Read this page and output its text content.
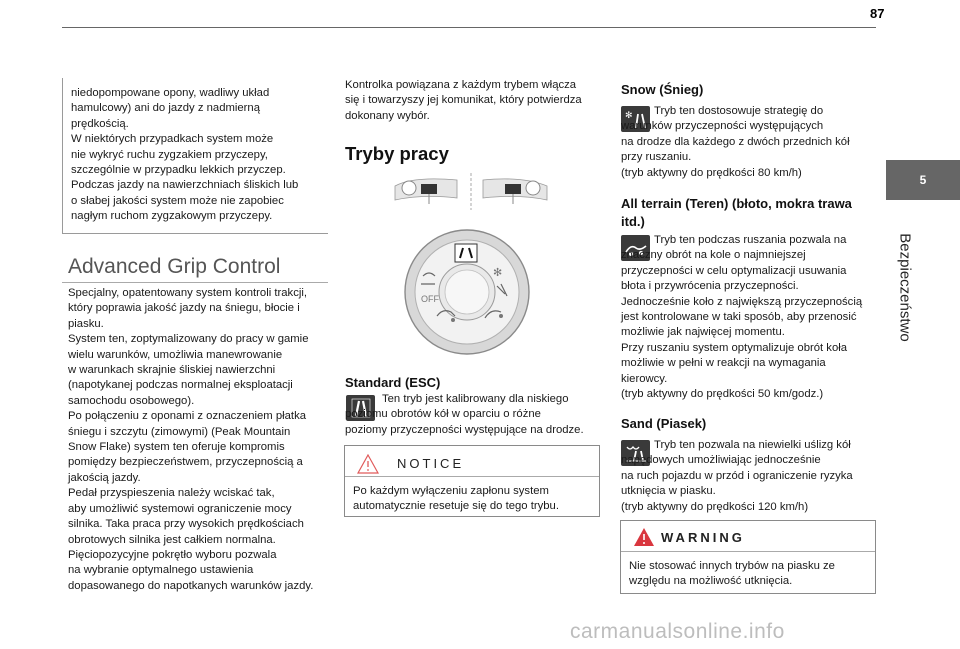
87
5
Bezpieczeństwo

niedopompowane opony, wadliwy układ
hamulcowy) ani do jazdy z nadmierną
prędkością.
W niektórych przypadkach system może
nie wykryć ruchu zygzakiem przyczepy,
szczególnie w przypadku lekkich przyczep.
Podczas jazdy na nawierzchniach śliskich lub
o słabej jakości system może nie zapobiec
nagłym ruchom zygzakowym przyczepy.

Advanced Grip Control

Specjalny, opatentowany system kontroli trakcji,
który poprawia jakość jazdy na śniegu, błocie i
piasku.
System ten, zoptymalizowany do pracy w gamie
wielu warunków, umożliwia manewrowanie
w warunkach skrajnie śliskiej nawierzchni
(napotykanej podczas normalnej eksploatacji
samochodu osobowego).
Po połączeniu z oponami z oznaczeniem płatka
śniegu i szczytu (zimowymi) (Peak Mountain
Snow Flake) system ten oferuje kompromis
pomiędzy bezpieczeństwem, przyczepnością a
jakością jazdy.
Pedał przyspieszenia należy wciskać tak,
aby umożliwić systemowi ograniczenie mocy
silnika. Taka praca przy wysokich prędkościach
obrotowych silnika jest całkiem normalna.
Pięciopozycyjne pokrętło wyboru pozwala
na wybranie optymalnego ustawienia
dopasowanego do napotkanych warunków jazdy.

Kontrolka powiązana z każdym trybem włącza
się i towarzyszy jej komunikat, który potwierdza
dokonany wybór.

Tryby pracy
OFF
✻
Standard (ESC)
Ten tryb jest kalibrowany dla niskiego
poziomu obrotów kół w oparciu o różne
poziomy przyczepności występujące na drodze.
NOTICE
Po każdym wyłączeniu zapłonu system
automatycznie resetuje się do tego trybu.
Snow (Śnieg)
✻	Tryb ten dostosowuje strategię do
warunków przyczepności występujących
na drodze dla każdego z dwóch przednich kół
przy ruszaniu.
(tryb aktywny do prędkości 80 km/h)
All terrain (Teren) (błoto, mokra trawa
itd.)
Tryb ten podczas ruszania pozwala na
znaczny obrót na kole o najmniejszej
przyczepności w celu optymalizacji usuwania
błota i przywrócenia przyczepności.
Jednocześnie koło z największą przyczepnością
jest kontrolowane w taki sposób, aby przenosić
możliwie jak najwięcej momentu.
Przy ruszaniu system optymalizuje obrót koła
możliwie w pełni w reakcji na wymagania
kierowcy.
(tryb aktywny do prędkości 50 km/godz.)
Sand (Piasek)
Tryb ten pozwala na niewielki uślizg kół
napędowych umożliwiając jednocześnie
na ruch pojazdu w przód i ograniczenie ryzyka
utknięcia w piasku.
(tryb aktywny do prędkości 120 km/h)
WARNING
Nie stosować innych trybów na piasku ze
względu na możliwość utknięcia.
carmanualsonline.info
